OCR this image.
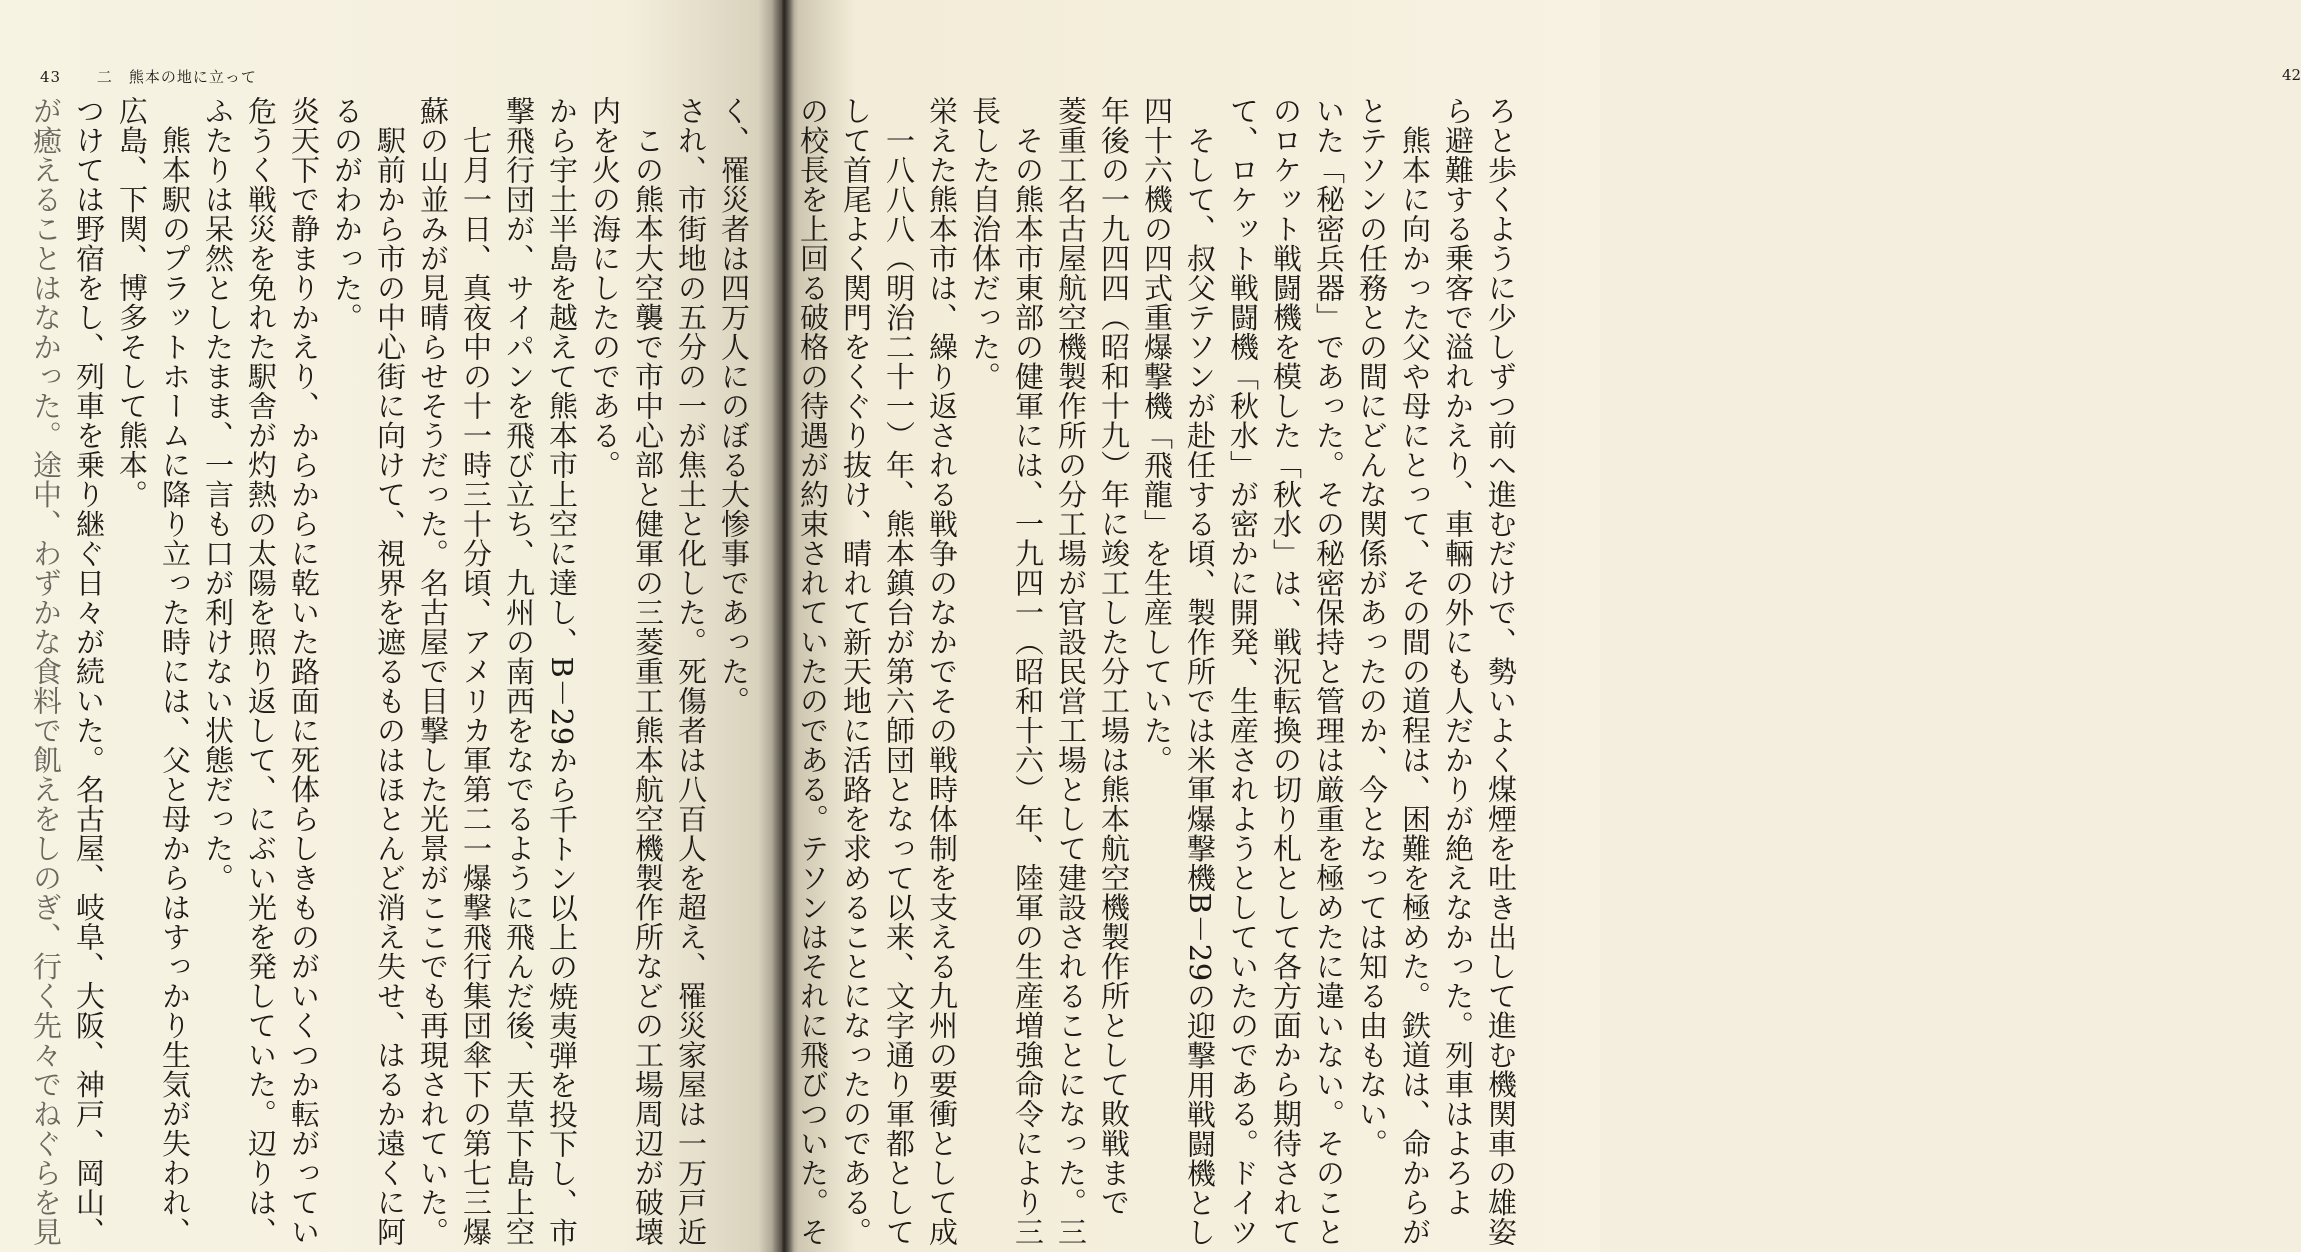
43 二　熊本の地に立って
く、罹災者は四万人にのぼる大惨事であった。
され、市街地の五分の一が焦土と化した。死傷者は八百人を超え、罹災家屋は一万戸近
　この熊本大空襲で市中心部と健軍の三菱重工熊本航空機製作所などの工場周辺が破壊
内を火の海にしたのである。
から宇土半島を越えて熊本市上空に達し、B－29から千トン以上の焼夷弾を投下し、市
撃飛行団が、サイパンを飛び立ち、九州の南西をなでるように飛んだ後、天草下島上空
　七月一日、真夜中の十一時三十分頃、アメリカ軍第二一爆撃飛行集団傘下の第七三爆
蘇の山並みが見晴らせそうだった。名古屋で目撃した光景がここでも再現されていた。
　駅前から市の中心街に向けて、視界を遮るものはほとんど消え失せ、はるか遠くに阿
るのがわかった。
炎天下で静まりかえり、からからに乾いた路面に死体らしきものがいくつか転がってい
危うく戦災を免れた駅舎が灼熱の太陽を照り返して、にぶい光を発していた。辺りは、
ふたりは呆然としたまま、一言も口が利けない状態だった。
　熊本駅のプラットホームに降り立った時には、父と母からはすっかり生気が失われ、
広島、下関、博多そして熊本。
つけては野宿をし、列車を乗り継ぐ日々が続いた。名古屋、岐阜、大阪、神戸、岡山、
が癒えることはなかった。途中、わずかな食料で飢えをしのぎ、行く先々でねぐらを見
42
ろと歩くように少しずつ前へ進むだけで、勢いよく煤煙を吐き出して進む機関車の雄姿
ら避難する乗客で溢れかえり、車輛の外にも人だかりが絶えなかった。列車はよろよ
　熊本に向かった父や母にとって、その間の道程は、困難を極めた。鉄道は、命からが
とテソンの任務との間にどんな関係があったのか、今となっては知る由もない。
いた「秘密兵器」であった。その秘密保持と管理は厳重を極めたに違いない。そのこと
のロケット戦闘機を模した「秋水」は、戦況転換の切り札として各方面から期待されて
て、ロケット戦闘機「秋水」が密かに開発、生産されようとしていたのである。ドイツ
　そして、叔父テソンが赴任する頃、製作所では米軍爆撃機B－29の迎撃用戦闘機とし
四十六機の四式重爆撃機「飛龍」を生産していた。
年後の一九四四（昭和十九）年に竣工した分工場は熊本航空機製作所として敗戦まで
菱重工名古屋航空機製作所の分工場が官設民営工場として建設されることになった。三
　その熊本市東部の健軍には、一九四一（昭和十六）年、陸軍の生産増強命令により三
長した自治体だった。
栄えた熊本市は、繰り返される戦争のなかでその戦時体制を支える九州の要衝として成
　一八八八（明治二十一）年、熊本鎮台が第六師団となって以来、文字通り軍都として
して首尾よく関門をくぐり抜け、晴れて新天地に活路を求めることになったのである。
の校長を上回る破格の待遇が約束されていたのである。テソンはそれに飛びついた。そ
